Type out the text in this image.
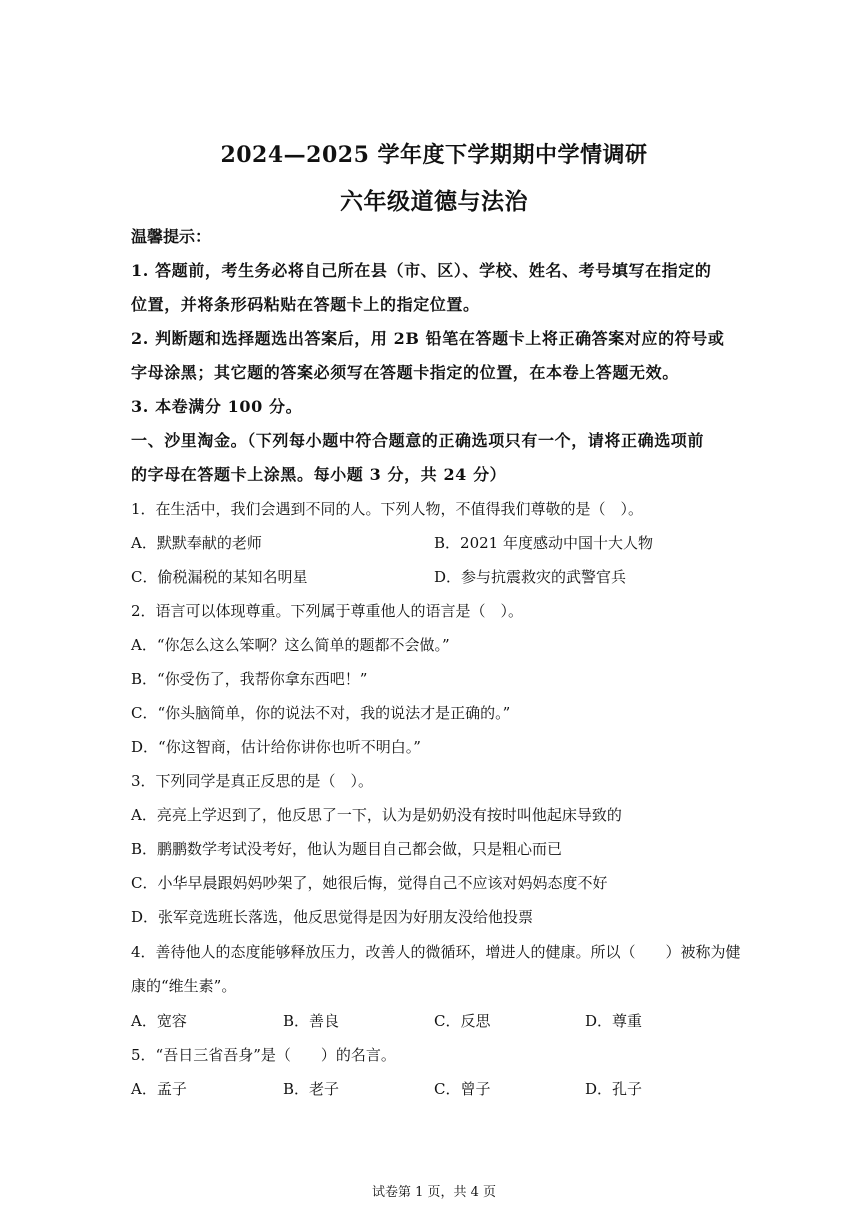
2024—2025 学年度下学期期中学情调研
六年级道德与法治
温馨提示：
1. 答题前，考生务必将自己所在县（市、区）、学校、姓名、考号填写在指定的
位置，并将条形码粘贴在答题卡上的指定位置。
2. 判断题和选择题选出答案后，用 2B 铅笔在答题卡上将正确答案对应的符号或
字母涂黑；其它题的答案必须写在答题卡指定的位置，在本卷上答题无效。
3. 本卷满分 100 分。
一、沙里淘金。（下列每小题中符合题意的正确选项只有一个，请将正确选项前
的字母在答题卡上涂黑。每小题 3 分，共 24 分）
1．在生活中，我们会遇到不同的人。下列人物，不值得我们尊敬的是（　）。
A．默默奉献的老师	B．2021 年度感动中国十大人物
C．偷税漏税的某知名明星	D．参与抗震救灾的武警官兵
2．语言可以体现尊重。下列属于尊重他人的语言是（　）。
A．“你怎么这么笨啊？这么简单的题都不会做。”
B．“你受伤了，我帮你拿东西吧！”
C．“你头脑简单，你的说法不对，我的说法才是正确的。”
D．“你这智商，估计给你讲你也听不明白。”
3．下列同学是真正反思的是（　）。
A．亮亮上学迟到了，他反思了一下，认为是奶奶没有按时叫他起床导致的
B．鹏鹏数学考试没考好，他认为题目自己都会做，只是粗心而已
C．小华早晨跟妈妈吵架了，她很后悔，觉得自己不应该对妈妈态度不好
D．张军竞选班长落选，他反思觉得是因为好朋友没给他投票
4．善待他人的态度能够释放压力，改善人的微循环，增进人的健康。所以（　　）被称为健
康的“维生素”。
A．宽容	B．善良	C．反思	D．尊重
5．“吾日三省吾身”是（　　）的名言。
A．孟子	B．老子	C．曾子	D．孔子
试卷第 1 页，共 4 页
